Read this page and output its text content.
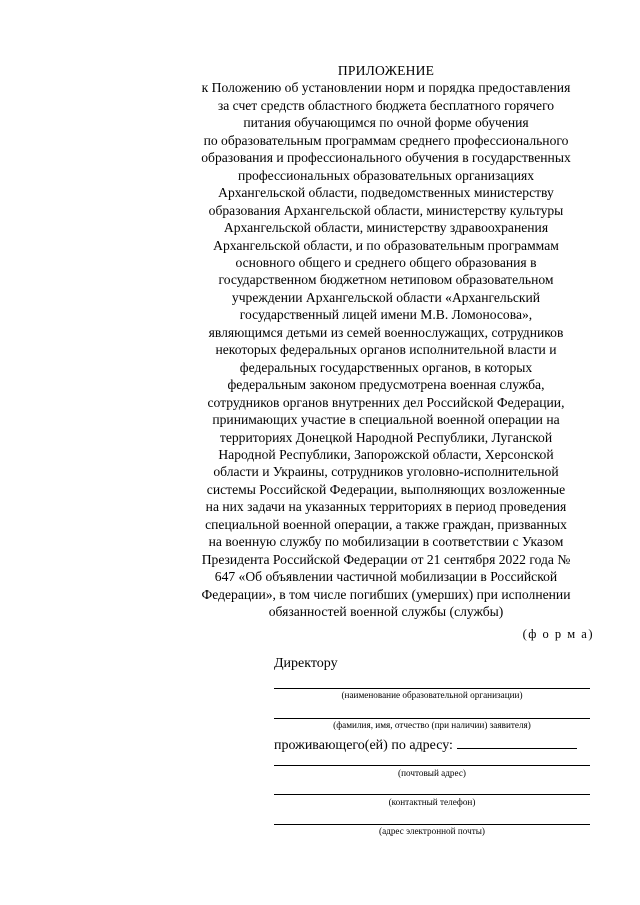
ПРИЛОЖЕНИЕ
к Положению об установлении норм и порядка предоставления
за счет средств областного бюджета бесплатного горячего
питания обучающимся по очной форме обучения
по образовательным программам среднего профессионального
образования и профессионального обучения в государственных
профессиональных образовательных организациях
Архангельской области, подведомственных министерству
образования Архангельской области, министерству культуры
Архангельской области, министерству здравоохранения
Архангельской области, и по образовательным программам
основного общего и среднего общего образования в
государственном бюджетном нетиповом образовательном
учреждении Архангельской области «Архангельский
государственный лицей имени М.В. Ломоносова»,
являющимся детьми из семей военнослужащих, сотрудников
некоторых федеральных органов исполнительной власти и
федеральных государственных органов, в которых
федеральным законом предусмотрена военная служба,
сотрудников органов внутренних дел Российской Федерации,
принимающих участие в специальной военной операции на
территориях Донецкой Народной Республики, Луганской
Народной Республики, Запорожской области, Херсонской
области и Украины, сотрудников уголовно-исполнительной
системы Российской Федерации, выполняющих возложенные
на них задачи на указанных территориях в период проведения
специальной военной операции, а также граждан, призванных
на военную службу по мобилизации в соответствии с Указом
Президента Российской Федерации от 21 сентября 2022 года №
647 «Об объявлении частичной мобилизации в Российской
Федерации», в том числе погибших (умерших) при исполнении
обязанностей военной службы (службы)
(ф о р м а)
Директору
(наименование образовательной организации)
(фамилия, имя, отчество (при наличии) заявителя)
проживающего(ей) по адресу:
(почтовый адрес)
(контактный телефон)
(адрес электронной почты)
